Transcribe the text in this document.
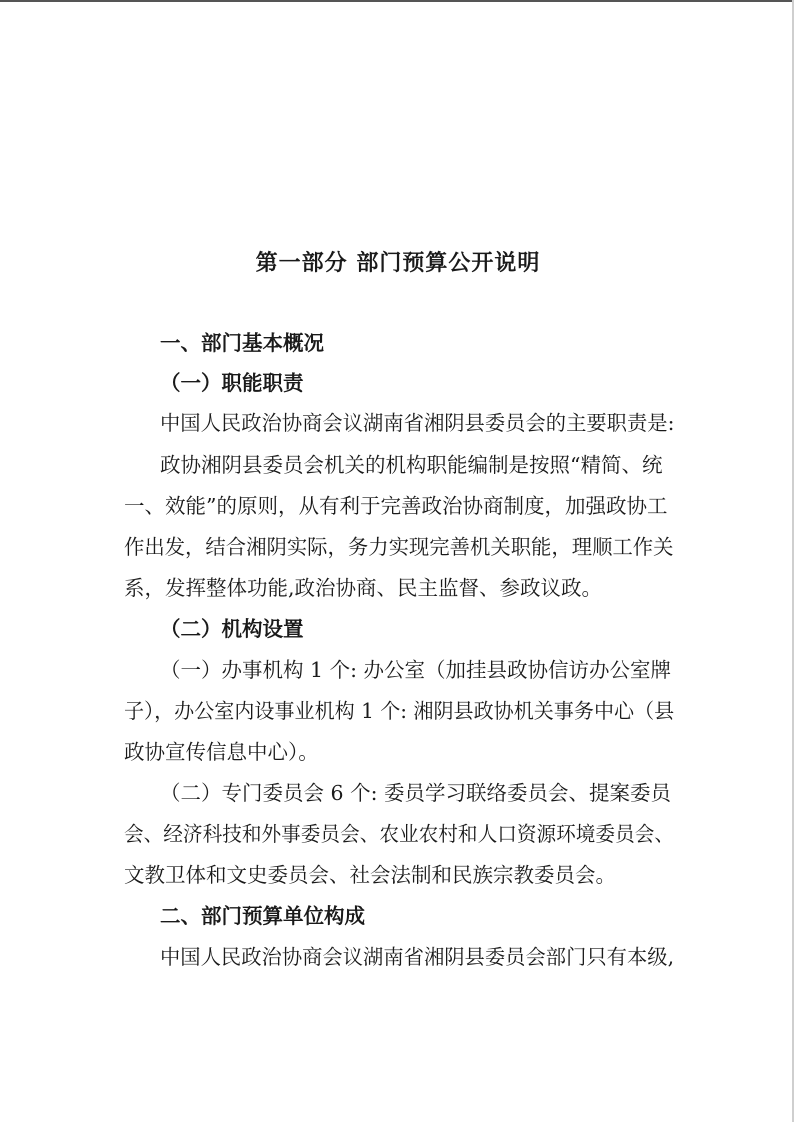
第一部分 部门预算公开说明
一、部门基本概况
（一）职能职责
中国人民政治协商会议湖南省湘阴县委员会的主要职责是:
政协湘阴县委员会机关的机构职能编制是按照“精简、统
一、效能”的原则，从有利于完善政治协商制度，加强政协工
作出发，结合湘阴实际，务力实现完善机关职能，理顺工作关
系，发挥整体功能,政治协商、民主监督、参政议政。
（二）机构设置
（一）办事机构 1 个: 办公室（加挂县政协信访办公室牌
子），办公室内设事业机构 1 个: 湘阴县政协机关事务中心（县
政协宣传信息中心）。
（二）专门委员会 6 个: 委员学习联络委员会、提案委员
会、经济科技和外事委员会、农业农村和人口资源环境委员会、
文教卫体和文史委员会、社会法制和民族宗教委员会。
二、部门预算单位构成
中国人民政治协商会议湖南省湘阴县委员会部门只有本级,
